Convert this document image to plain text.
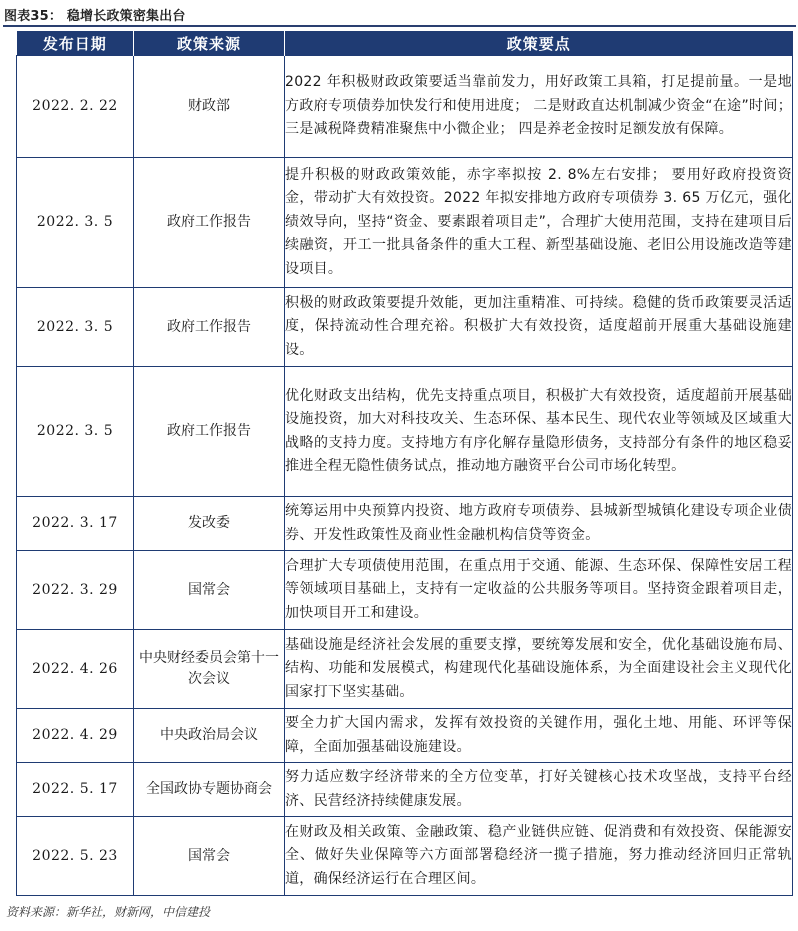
图表35： 稳增长政策密集出台
发布日期	政策来源	政策要点
2022. 2. 22	财政部	2022 年积极财政政策要适当靠前发力，用好政策工具箱，打足提前量。一是地方政府专项债券加快发行和使用进度； 二是财政直达机制减少资金“在途”时间； 三是减税降费精准聚焦中小微企业； 四是养老金按时足额发放有保障。
2022. 3. 5	政府工作报告	提升积极的财政政策效能，赤字率拟按 2. 8%左右安排； 要用好政府投资资金，带动扩大有效投资。2022 年拟安排地方政府专项债券 3. 65 万亿元，强化绩效导向，坚持“资金、要素跟着项目走”，合理扩大使用范围，支持在建项目后续融资，开工一批具备条件的重大工程、新型基础设施、老旧公用设施改造等建设项目。
2022. 3. 5	政府工作报告	积极的财政政策要提升效能，更加注重精准、可持续。稳健的货币政策要灵活适度，保持流动性合理充裕。积极扩大有效投资，适度超前开展重大基础设施建设。
2022. 3. 5	政府工作报告	优化财政支出结构，优先支持重点项目，积极扩大有效投资，适度超前开展基础设施投资，加大对科技攻关、生态环保、基本民生、现代农业等领域及区域重大战略的支持力度。支持地方有序化解存量隐形债务，支持部分有条件的地区稳妥推进全程无隐性债务试点，推动地方融资平台公司市场化转型。
2022. 3. 17	发改委	统筹运用中央预算内投资、地方政府专项债券、县城新型城镇化建设专项企业债券、开发性政策性及商业性金融机构信贷等资金。
2022. 3. 29	国常会	合理扩大专项债使用范围，在重点用于交通、能源、生态环保、保障性安居工程等领域项目基础上，支持有一定收益的公共服务等项目。坚持资金跟着项目走，加快项目开工和建设。
2022. 4. 26	中央财经委员会第十一次会议	基础设施是经济社会发展的重要支撑，要统筹发展和安全，优化基础设施布局、结构、功能和发展模式，构建现代化基础设施体系，为全面建设社会主义现代化国家打下坚实基础。
2022. 4. 29	中央政治局会议	要全力扩大国内需求，发挥有效投资的关键作用，强化土地、用能、环评等保障，全面加强基础设施建设。
2022. 5. 17	全国政协专题协商会	努力适应数字经济带来的全方位变革，打好关键核心技术攻坚战，支持平台经济、民营经济持续健康发展。
2022. 5. 23	国常会	在财政及相关政策、金融政策、稳产业链供应链、促消费和有效投资、保能源安全、做好失业保障等六方面部署稳经济一揽子措施，努力推动经济回归正常轨道，确保经济运行在合理区间。
资料来源：新华社，财新网，中信建投
